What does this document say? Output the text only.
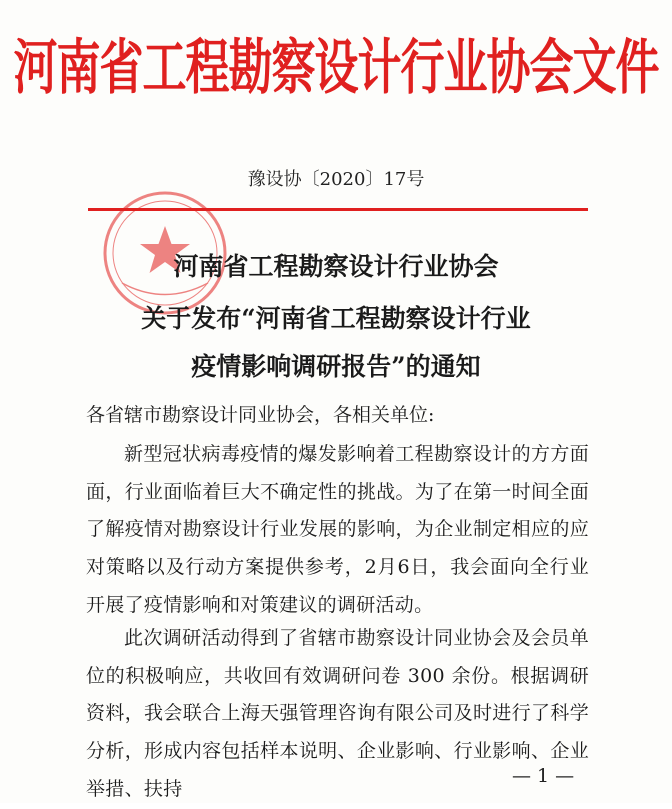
河南省工程勘察设计行业协会文件
豫设协〔2020〕17号
河南省工程勘察设计行业协会
关于发布“河南省工程勘察设计行业
疫情影响调研报告”的通知
各省辖市勘察设计同业协会，各相关单位:
新型冠状病毒疫情的爆发影响着工程勘察设计的方方面面，行业面临着巨大不确定性的挑战。为了在第一时间全面了解疫情对勘察设计行业发展的影响，为企业制定相应的应对策略以及行动方案提供参考，2月6日，我会面向全行业开展了疫情影响和对策建议的调研活动。
此次调研活动得到了省辖市勘察设计同业协会及会员单位的积极响应，共收回有效调研问卷 300 余份。根据调研资料，我会联合上海天强管理咨询有限公司及时进行了科学分析，形成内容包括样本说明、企业影响、行业影响、企业举措、扶持
— 1 —
